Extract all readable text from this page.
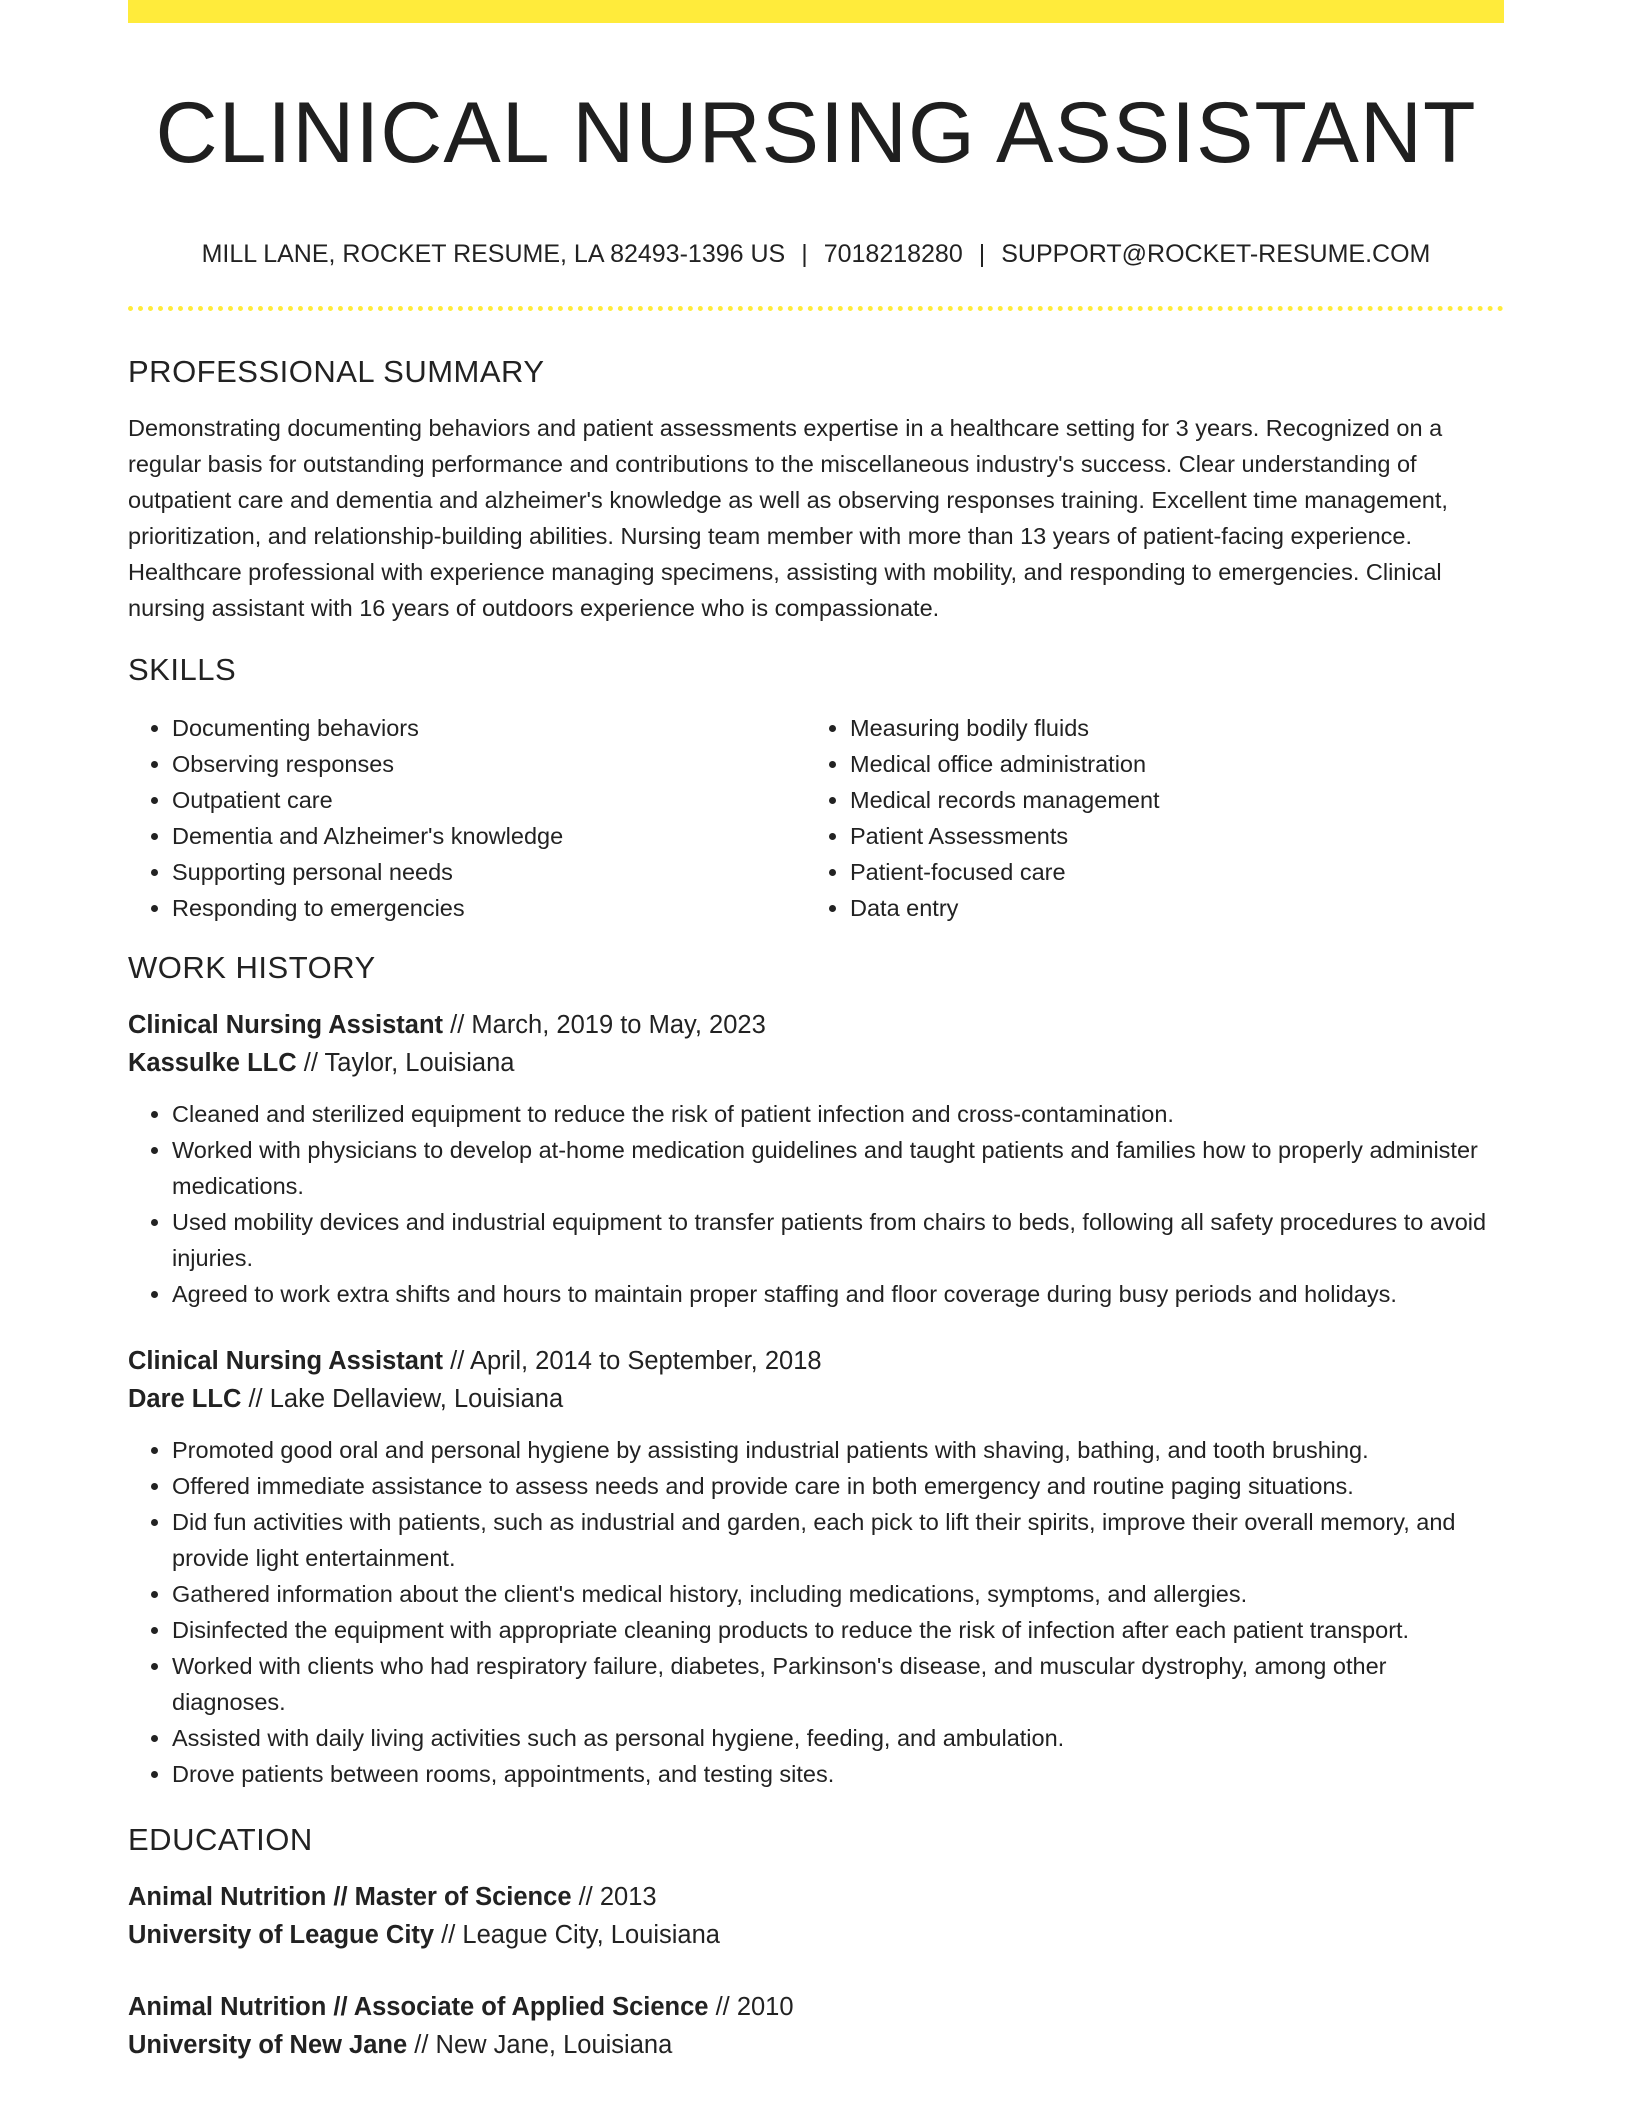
CLINICAL NURSING ASSISTANT
MILL LANE, ROCKET RESUME, LA 82493-1396 US | 7018218280 | SUPPORT@ROCKET-RESUME.COM
PROFESSIONAL SUMMARY

Demonstrating documenting behaviors and patient assessments expertise in a healthcare setting for 3 years. Recognized on a regular basis for outstanding performance and contributions to the miscellaneous industry's success. Clear understanding of outpatient care and dementia and alzheimer's knowledge as well as observing responses training. Excellent time management, prioritization, and relationship-building abilities. Nursing team member with more than 13 years of patient-facing experience. Healthcare professional with experience managing specimens, assisting with mobility, and responding to emergencies. Clinical nursing assistant with 16 years of outdoors experience who is compassionate.

SKILLS
• Documenting behaviors
• Observing responses
• Outpatient care
• Dementia and Alzheimer's knowledge
• Supporting personal needs
• Responding to emergencies
• Measuring bodily fluids
• Medical office administration
• Medical records management
• Patient Assessments
• Patient-focused care
• Data entry
WORK HISTORY

Clinical Nursing Assistant // March, 2019 to May, 2023

Kassulke LLC // Taylor, Louisiana

• Cleaned and sterilized equipment to reduce the risk of patient infection and cross-contamination.
• Worked with physicians to develop at-home medication guidelines and taught patients and families how to properly administer medications.
• Used mobility devices and industrial equipment to transfer patients from chairs to beds, following all safety procedures to avoid injuries.
• Agreed to work extra shifts and hours to maintain proper staffing and floor coverage during busy periods and holidays.

Clinical Nursing Assistant // April, 2014 to September, 2018

Dare LLC // Lake Dellaview, Louisiana

• Promoted good oral and personal hygiene by assisting industrial patients with shaving, bathing, and tooth brushing.
• Offered immediate assistance to assess needs and provide care in both emergency and routine paging situations.
• Did fun activities with patients, such as industrial and garden, each pick to lift their spirits, improve their overall memory, and provide light entertainment.
• Gathered information about the client's medical history, including medications, symptoms, and allergies.
• Disinfected the equipment with appropriate cleaning products to reduce the risk of infection after each patient transport.
• Worked with clients who had respiratory failure, diabetes, Parkinson's disease, and muscular dystrophy, among other diagnoses.
• Assisted with daily living activities such as personal hygiene, feeding, and ambulation.
• Drove patients between rooms, appointments, and testing sites.
EDUCATION

Animal Nutrition // Master of Science // 2013

University of League City // League City, Louisiana

Animal Nutrition // Associate of Applied Science // 2010

University of New Jane // New Jane, Louisiana
